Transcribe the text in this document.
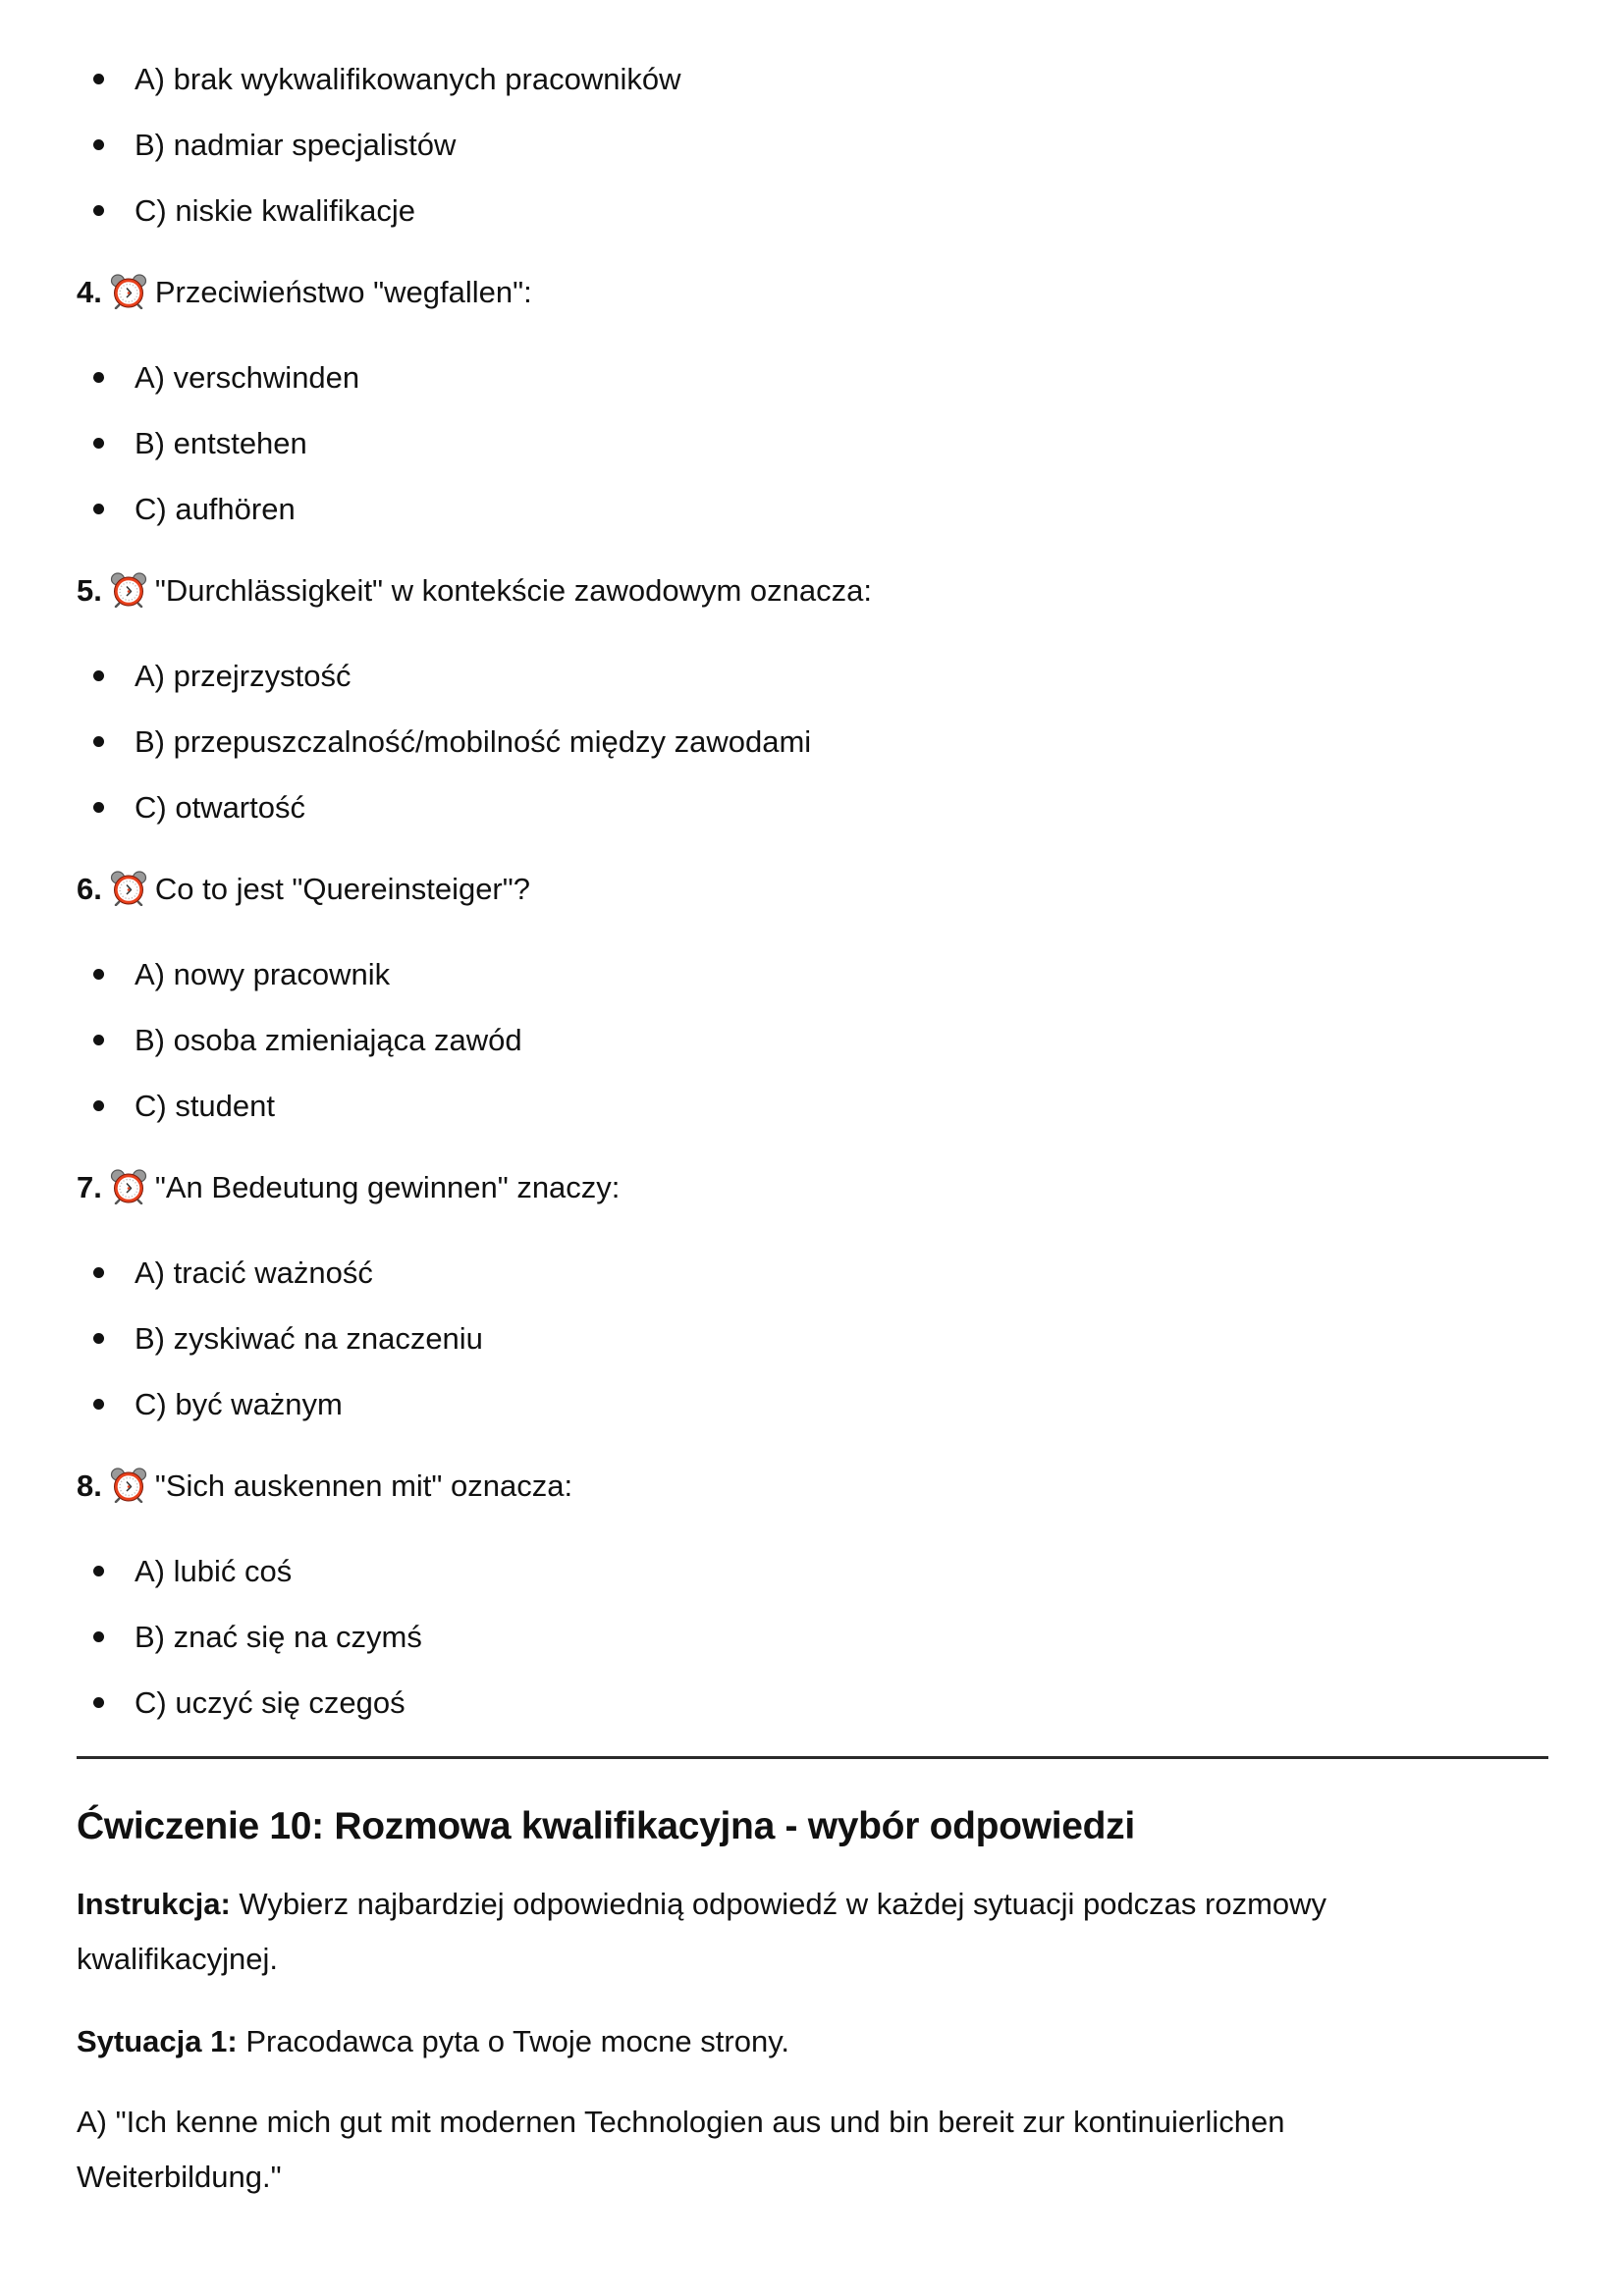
A) brak wykwalifikowanych pracowników
B) nadmiar specjalistów
C) niskie kwalifikacje
4. Przeciwieństwo "wegfallen":
A) verschwinden
B) entstehen
C) aufhören
5. "Durchlässigkeit" w kontekście zawodowym oznacza:
A) przejrzystość
B) przepuszczalność/mobilność między zawodami
C) otwartość
6. Co to jest "Quereinsteiger"?
A) nowy pracownik
B) osoba zmieniająca zawód
C) student
7. "An Bedeutung gewinnen" znaczy:
A) tracić ważność
B) zyskiwać na znaczeniu
C) być ważnym
8. "Sich auskennen mit" oznacza:
A) lubić coś
B) znać się na czymś
C) uczyć się czegoś
Ćwiczenie 10: Rozmowa kwalifikacyjna - wybór odpowiedzi

Instrukcja: Wybierz najbardziej odpowiednią odpowiedź w każdej sytuacji podczas rozmowy kwalifikacyjnej.

Sytuacja 1: Pracodawca pyta o Twoje mocne strony.

A) "Ich kenne mich gut mit modernen Technologien aus und bin bereit zur kontinuierlichen Weiterbildung."
